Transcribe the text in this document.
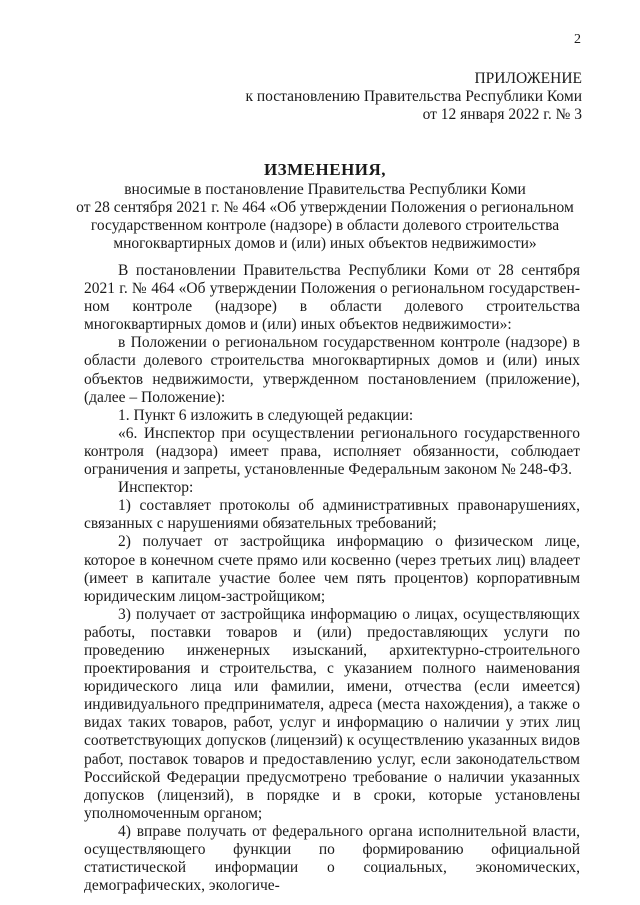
2
ПРИЛОЖЕНИЕ
к постановлению Правительства Республики Коми
от 12 января 2022 г. № 3
ИЗМЕНЕНИЯ,
вносимые в постановление Правительства Республики Коми
от 28 сентября 2021 г. № 464 «Об утверждении Положения о региональном
государственном контроле (надзоре) в области долевого строительства
многоквартирных домов и (или) иных объектов недвижимости»

В постановлении Правительства Республики Коми от 28 сентября 2021 г. № 464 «Об утверждении Положения о региональном государственном контроле (надзоре) в области долевого строительства многоквартирных домов и (или) иных объектов недвижимости»:

в Положении о региональном государственном контроле (надзоре) в области долевого строительства многоквартирных домов и (или) иных объектов недвижимости, утвержденном постановлением (приложение), (далее – Положение):

1. Пункт 6 изложить в следующей редакции:

«6. Инспектор при осуществлении регионального государственного контроля (надзора) имеет права, исполняет обязанности, соблюдает ограничения и запреты, установленные Федеральным законом № 248-ФЗ.

Инспектор:

1) составляет протоколы об административных правонарушениях, связанных с нарушениями обязательных требований;

2) получает от застройщика информацию о физическом лице, которое в конечном счете прямо или косвенно (через третьих лиц) владеет (имеет в капитале участие более чем пять процентов) корпоративным юридическим лицом-застройщиком;

3) получает от застройщика информацию о лицах, осуществляющих работы, поставки товаров и (или) предоставляющих услуги по проведению инженерных изысканий, архитектурно-строительного проектирования и строительства, с указанием полного наименования юридического лица или фамилии, имени, отчества (если имеется) индивидуального предпринимателя, адреса (места нахождения), а также о видах таких товаров, работ, услуг и информацию о наличии у этих лиц соответствующих допусков (лицензий) к осуществлению указанных видов работ, поставок товаров и предоставлению услуг, если законодательством Российской Федерации предусмотрено требование о наличии указанных допусков (лицензий), в порядке и в сроки, которые установлены уполномоченным органом;

4) вправе получать от федерального органа исполнительной власти, осуществляющего функции по формированию официальной статистической информации о социальных, экономических, демографических, экологиче-
